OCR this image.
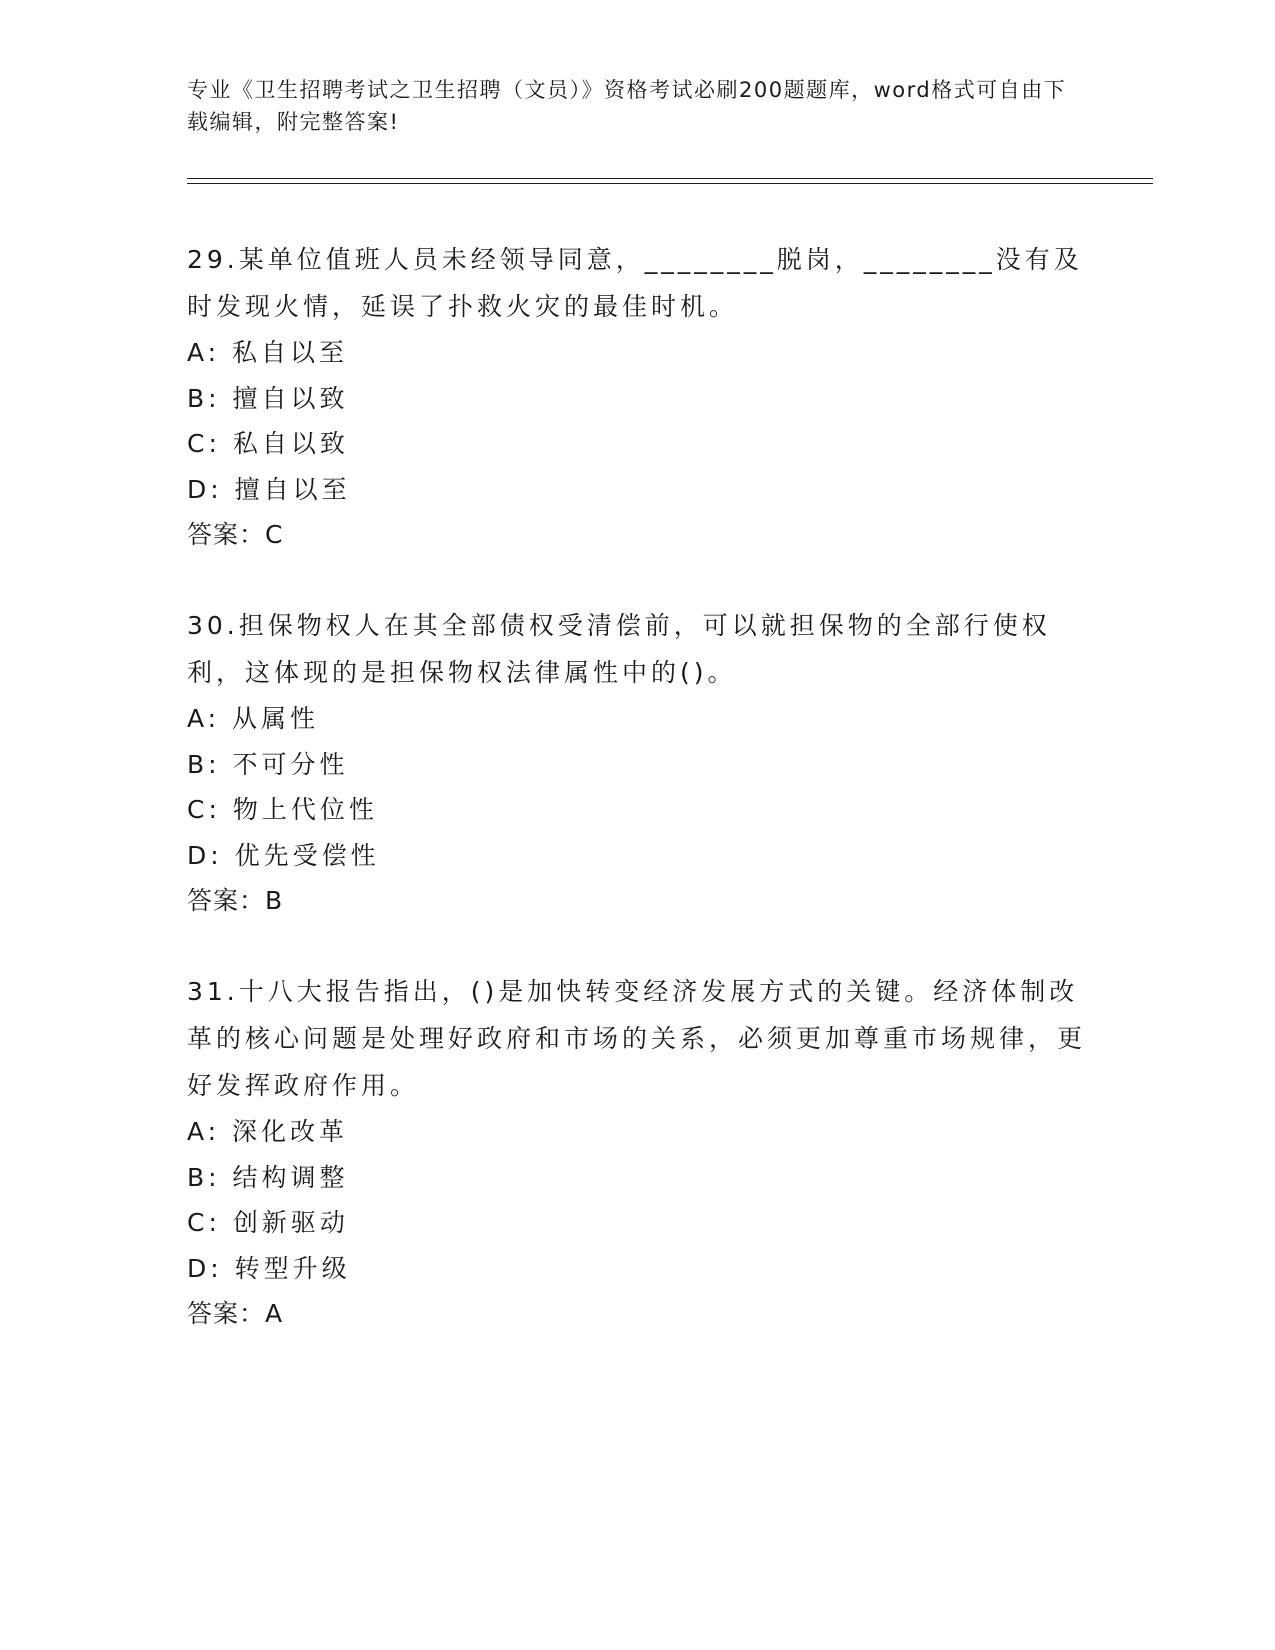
专业《卫生招聘考试之卫生招聘（文员）》资格考试必刷200题题库，word格式可自由下载编辑，附完整答案!

29.某单位值班人员未经领导同意，________脱岗，________没有及时发现火情，延误了扑救火灾的最佳时机。

A: 私自以至

B: 擅自以致

C: 私自以致

D: 擅自以至

答案：C

30.担保物权人在其全部债权受清偿前，可以就担保物的全部行使权利，这体现的是担保物权法律属性中的()。

A: 从属性

B: 不可分性

C: 物上代位性

D: 优先受偿性

答案：B

31.十八大报告指出，()是加快转变经济发展方式的关键。经济体制改革的核心问题是处理好政府和市场的关系，必须更加尊重市场规律，更好发挥政府作用。

A: 深化改革

B: 结构调整

C: 创新驱动

D: 转型升级

答案：A
